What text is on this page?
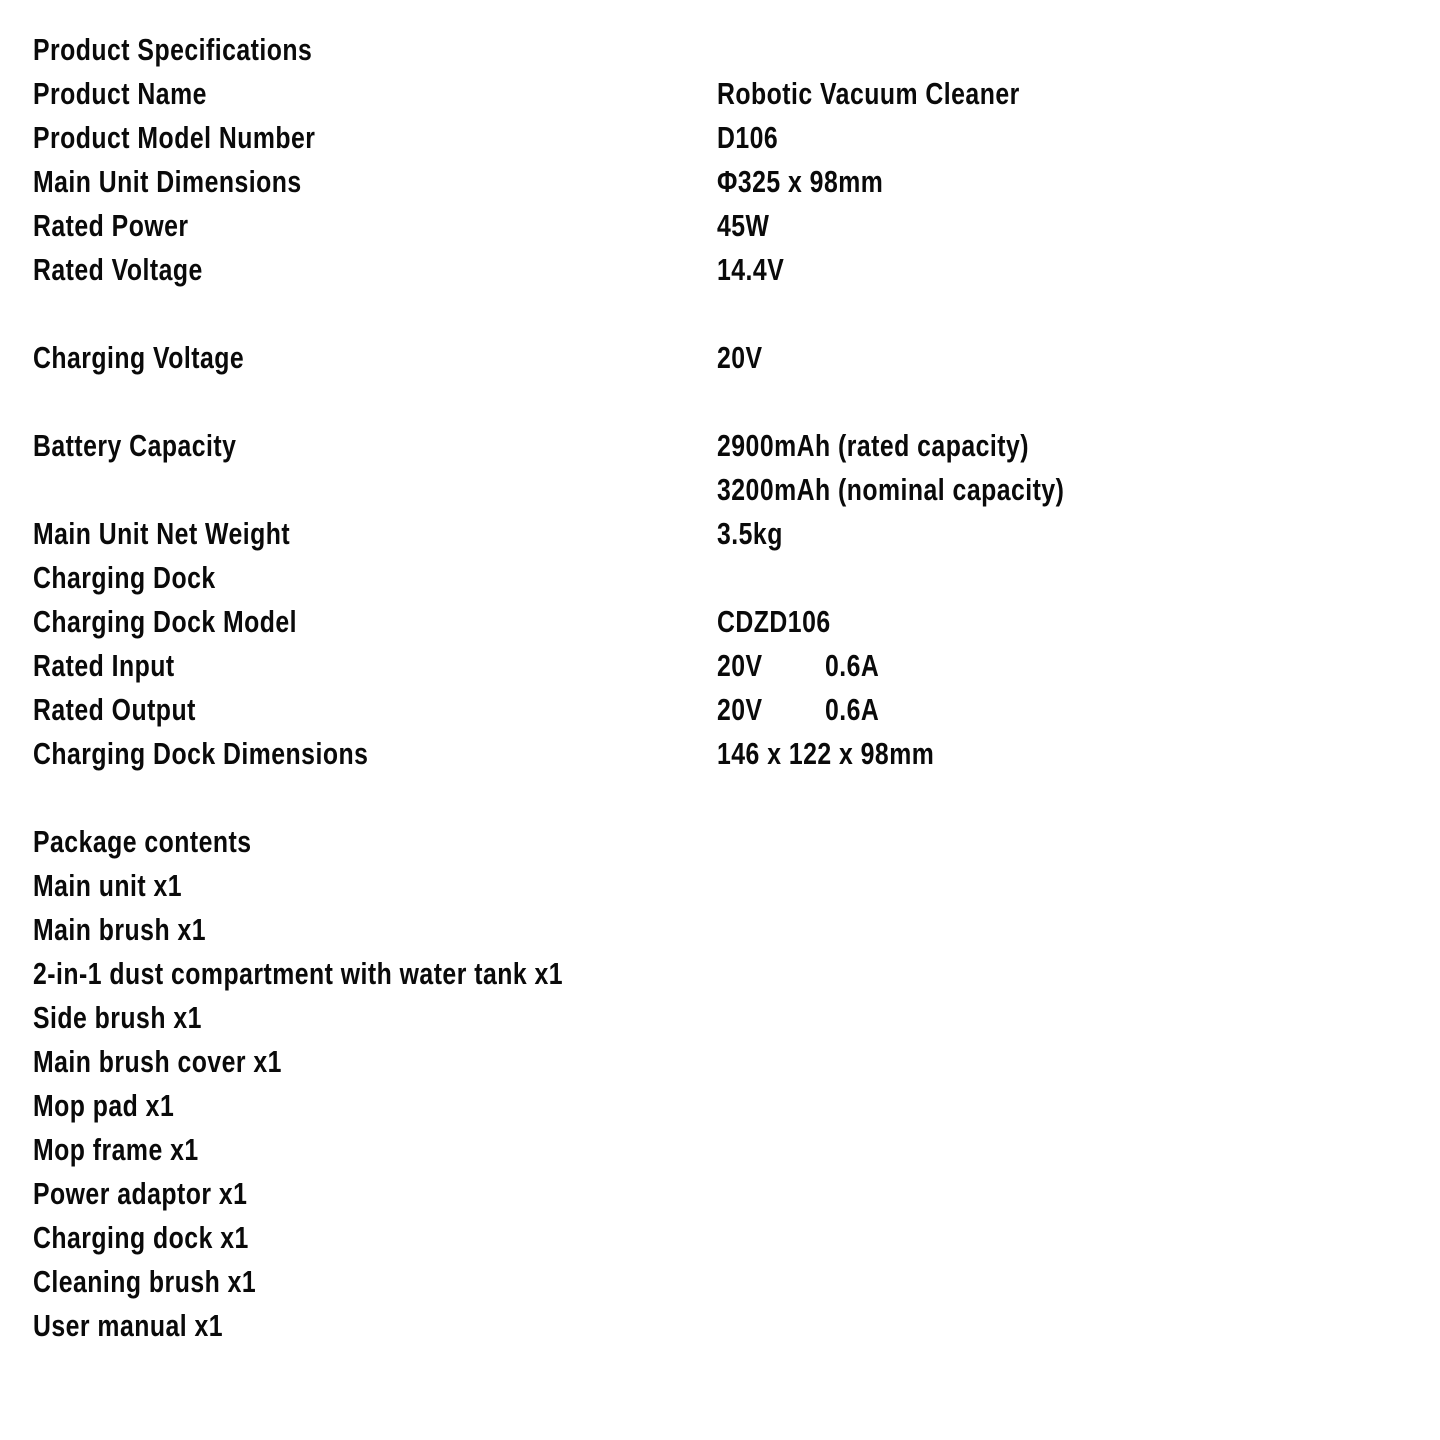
Product Specifications
Product Name	Robotic Vacuum Cleaner
Product Model Number	D106
Main Unit Dimensions	Φ325 x 98mm
Rated Power	45W
Rated Voltage	14.4V
Charging Voltage	20V
Battery Capacity	2900mAh (rated capacity)
3200mAh (nominal capacity)
Main Unit Net Weight	3.5kg
Charging Dock
Charging Dock Model	CDZD106
Rated Input	20V 0.6A
Rated Output	20V 0.6A
Charging Dock Dimensions	146 x 122 x 98mm
Package contents
Main unit x1
Main brush x1
2-in-1 dust compartment with water tank x1
Side brush x1
Main brush cover x1
Mop pad x1
Mop frame x1
Power adaptor x1
Charging dock x1
Cleaning brush x1
User manual x1
